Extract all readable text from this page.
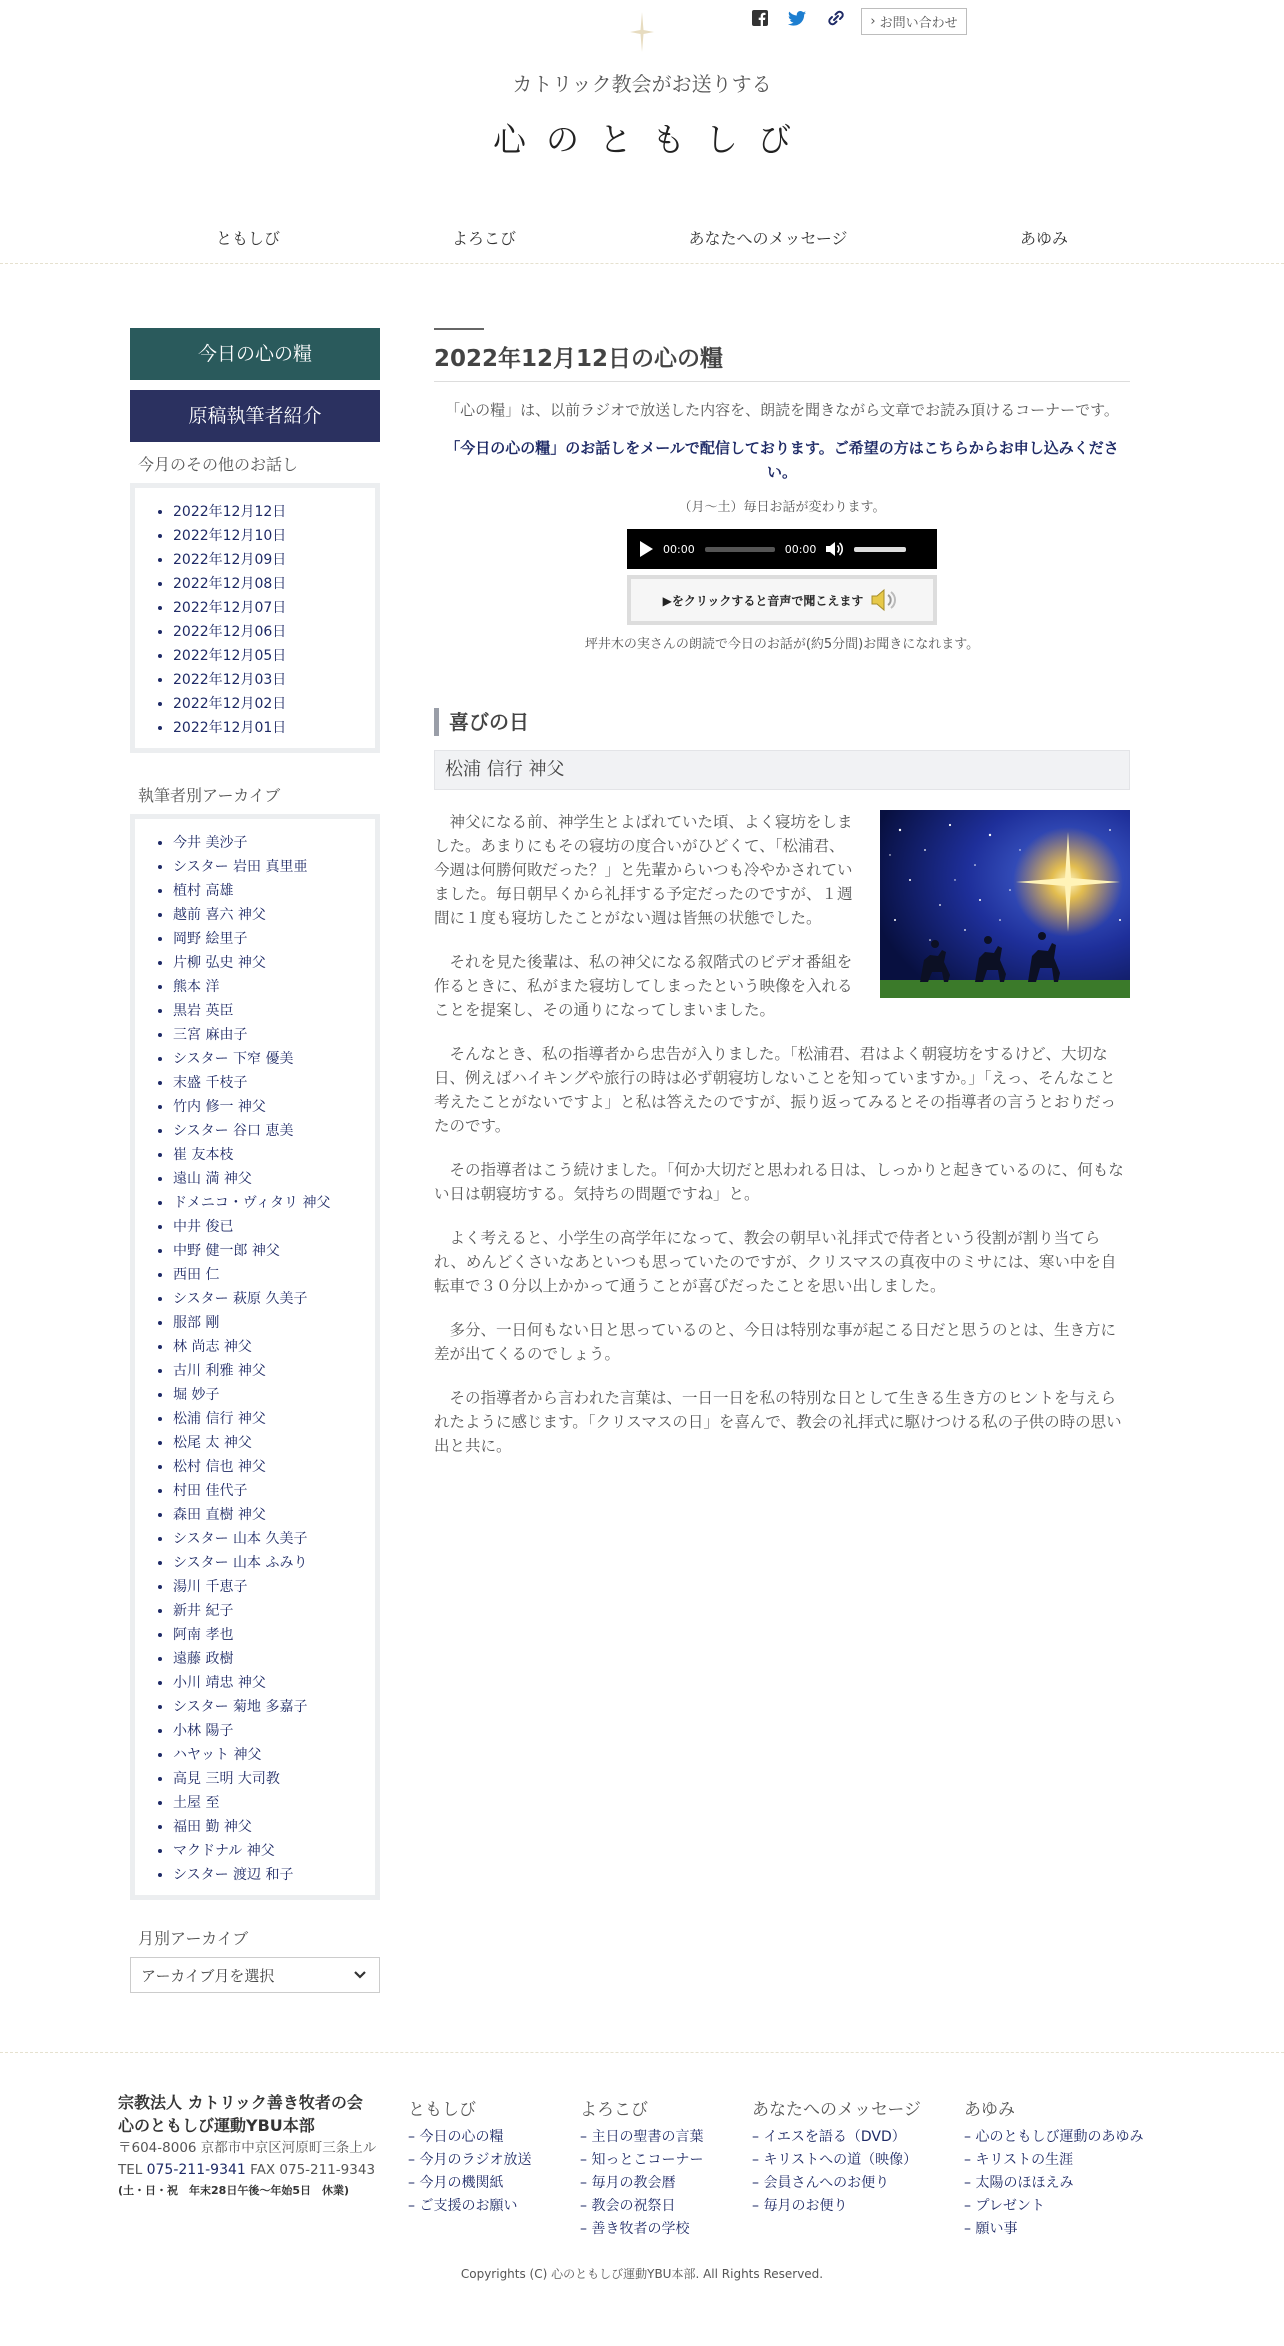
› お問い合わせ
カトリック教会がお送りする
心のともしび
ともしび	よろこび	あなたへのメッセージ	あゆみ
今日の心の糧
原稿執筆者紹介
今月のその他のお話し
• 2022年12月12日
• 2022年12月10日
• 2022年12月09日
• 2022年12月08日
• 2022年12月07日
• 2022年12月06日
• 2022年12月05日
• 2022年12月03日
• 2022年12月02日
• 2022年12月01日
執筆者別アーカイブ
• 今井 美沙子
• シスター 岩田 真里亜
• 植村 高雄
• 越前 喜六 神父
• 岡野 絵里子
• 片柳 弘史 神父
• 熊本 洋
• 黒岩 英臣
• 三宮 麻由子
• シスター 下窄 優美
• 末盛 千枝子
• 竹内 修一 神父
• シスター 谷口 恵美
• 崔 友本枝
• 遠山 満 神父
• ドメニコ・ヴィタリ 神父
• 中井 俊已
• 中野 健一郎 神父
• 西田 仁
• シスター 萩原 久美子
• 服部 剛
• 林 尚志 神父
• 古川 利雅 神父
• 堀 妙子
• 松浦 信行 神父
• 松尾 太 神父
• 松村 信也 神父
• 村田 佳代子
• 森田 直樹 神父
• シスター 山本 久美子
• シスター 山本 ふみり
• 湯川 千恵子
• 新井 紀子
• 阿南 孝也
• 遠藤 政樹
• 小川 靖忠 神父
• シスター 菊地 多嘉子
• 小林 陽子
• ハヤット 神父
• 高見 三明 大司教
• 土屋 至
• 福田 勤 神父
• マクドナル 神父
• シスター 渡辺 和子
月別アーカイブ
アーカイブ月を選択
2022年12月12日の心の糧

「心の糧」は、以前ラジオで放送した内容を、朗読を聞きながら文章でお読み頂けるコーナーです。

「今日の心の糧」のお話しをメールで配信しております。ご希望の方はこちらからお申し込みください。

（月～土）毎日お話が変わります。

00:00	00:00
▶をクリックすると音声で聞こえます

坪井木の実さんの朗読で今日のお話が(約5分間)お聞きになれます。

喜びの日
松浦 信行 神父

神父になる前、神学生とよばれていた頃、よく寝坊をしました。あまりにもその寝坊の度合いがひどくて、「松浦君、今週は何勝何敗だった？」と先輩からいつも冷やかされていました。毎日朝早くから礼拝する予定だったのですが、１週間に１度も寝坊したことがない週は皆無の状態でした。

それを見た後輩は、私の神父になる叙階式のビデオ番組を作るときに、私がまた寝坊してしまったという映像を入れることを提案し、その通りになってしまいました。

そんなとき、私の指導者から忠告が入りました。「松浦君、君はよく朝寝坊をするけど、大切な日、例えばハイキングや旅行の時は必ず朝寝坊しないことを知っていますか。」「えっ、そんなこと考えたことがないですよ」と私は答えたのですが、振り返ってみるとその指導者の言うとおりだったのです。

その指導者はこう続けました。「何か大切だと思われる日は、しっかりと起きているのに、何もない日は朝寝坊する。気持ちの問題ですね」と。

よく考えると、小学生の高学年になって、教会の朝早い礼拝式で侍者という役割が割り当てられ、めんどくさいなあといつも思っていたのですが、クリスマスの真夜中のミサには、寒い中を自転車で３０分以上かかって通うことが喜びだったことを思い出しました。

多分、一日何もない日と思っているのと、今日は特別な事が起こる日だと思うのとは、生き方に差が出てくるのでしょう。

その指導者から言われた言葉は、一日一日を私の特別な日として生きる生き方のヒントを与えられたように感じます。「クリスマスの日」を喜んで、教会の礼拝式に駆けつける私の子供の時の思い出と共に。

宗教法人 カトリック善き牧者の会
心のともしび運動YBU本部
〒604-8006 京都市中京区河原町三条上ル
TEL 075-211-9341 FAX 075-211-9343
(土・日・祝　年末28日午後〜年始5日　休業)
ともしび
– 今日の心の糧
– 今月のラジオ放送
– 今月の機関紙
– ご支援のお願い
よろこび
– 主日の聖書の言葉
– 知っとこコーナー
– 毎月の教会暦
– 教会の祝祭日
– 善き牧者の学校
あなたへのメッセージ
– イエスを語る（DVD）
– キリストへの道（映像）
– 会員さんへのお便り
– 毎月のお便り
あゆみ
– 心のともしび運動のあゆみ
– キリストの生涯
– 太陽のほほえみ
– プレゼント
– 願い事
Copyrights (C) 心のともしび運動YBU本部. All Rights Reserved.
